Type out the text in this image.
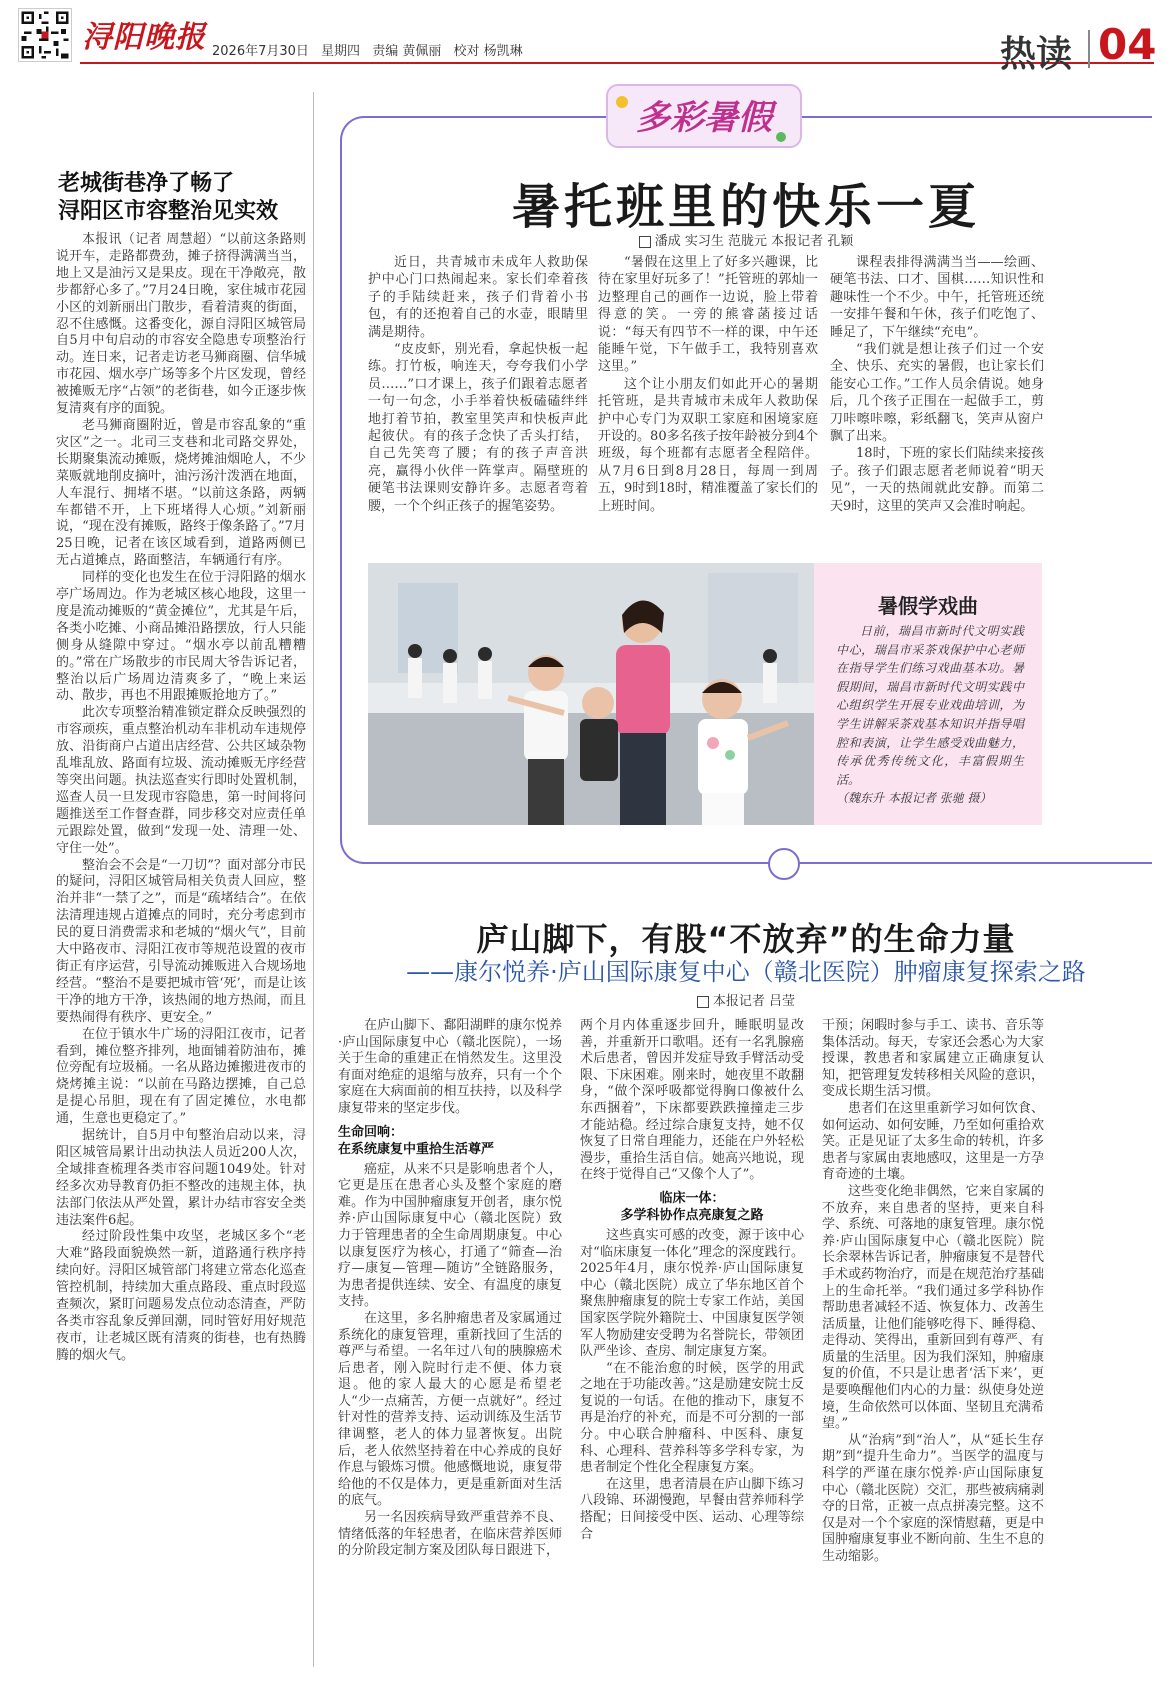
浔阳晚报 2026年7月30日 星期四 责编 黄佩丽 校对 杨凯琳	热读 04
老城街巷净了畅了
浔阳区市容整治见实效

本报讯（记者 周慧超）“以前这条路则说开车，走路都费劲，摊子挤得满满当当，地上又是油污又是果皮。现在干净敞亮，散步都舒心多了。”7月24日晚，家住城市花园小区的刘新丽出门散步，看着清爽的街面，忍不住感慨。这番变化，源自浔阳区城管局自5月中旬启动的市容安全隐患专项整治行动。连日来，记者走访老马狮商圈、信华城市花园、烟水亭广场等多个片区发现，曾经被摊贩无序“占领”的老街巷，如今正逐步恢复清爽有序的面貌。

老马狮商圈附近，曾是市容乱象的“重灾区”之一。北司三支巷和北司路交界处，长期聚集流动摊贩，烧烤摊油烟呛人，不少菜贩就地削皮摘叶，油污汤汁泼洒在地面，人车混行、拥堵不堪。“以前这条路，两辆车都错不开，上下班堵得人心烦。”刘新丽说，“现在没有摊贩，路终于像条路了。”7月25日晚，记者在该区域看到，道路两侧已无占道摊点，路面整洁，车辆通行有序。

同样的变化也发生在位于浔阳路的烟水亭广场周边。作为老城区核心地段，这里一度是流动摊贩的“黄金摊位”，尤其是午后，各类小吃摊、小商品摊沿路摆放，行人只能侧身从缝隙中穿过。“烟水亭以前乱糟糟的。”常在广场散步的市民周大爷告诉记者，整治以后广场周边清爽多了，“晚上来运动、散步，再也不用跟摊贩抢地方了。”

此次专项整治精准锁定群众反映强烈的市容顽疾，重点整治机动车非机动车违规停放、沿街商户占道出店经营、公共区域杂物乱堆乱放、路面有垃圾、流动摊贩无序经营等突出问题。执法巡查实行即时处置机制，巡查人员一旦发现市容隐患，第一时间将问题推送至工作督查群，同步移交对应责任单元跟踪处置，做到“发现一处、清理一处、守住一处”。

整治会不会是“一刀切”？面对部分市民的疑问，浔阳区城管局相关负责人回应，整治并非“一禁了之”，而是“疏堵结合”。在依法清理违规占道摊点的同时，充分考虑到市民的夏日消费需求和老城的“烟火气”，目前大中路夜市、浔阳江夜市等规范设置的夜市街正有序运营，引导流动摊贩进入合规场地经营。“整治不是要把城市管‘死’，而是让该干净的地方干净，该热闹的地方热闹，而且要热闹得有秩序、更安全。”

在位于镇水牛广场的浔阳江夜市，记者看到，摊位整齐排列，地面铺着防油布，摊位旁配有垃圾桶。一名从路边摊搬进夜市的烧烤摊主说：“以前在马路边摆摊，自己总是提心吊胆，现在有了固定摊位，水电都通，生意也更稳定了。”

据统计，自5月中旬整治启动以来，浔阳区城管局累计出动执法人员近200人次，全域排查梳理各类市容问题1049处。针对经多次劝导教育仍拒不整改的违规主体，执法部门依法从严处置，累计办结市容安全类违法案件6起。

经过阶段性集中攻坚，老城区多个“老大难”路段面貌焕然一新，道路通行秩序持续向好。浔阳区城管部门将建立常态化巡查管控机制，持续加大重点路段、重点时段巡查频次，紧盯问题易发点位动态清查，严防各类市容乱象反弹回潮，同时管好用好规范夜市，让老城区既有清爽的街巷，也有热腾腾的烟火气。

多彩暑假
暑托班里的快乐一夏
潘成 实习生 范胧元 本报记者 孔颖

近日，共青城市未成年人救助保护中心门口热闹起来。家长们牵着孩子的手陆续赶来，孩子们背着小书包，有的还抱着自己的水壶，眼睛里满是期待。

“皮皮虾，别光看，拿起快板一起练。打竹板，响连天，夸夸我们小学员……”口才课上，孩子们跟着志愿者一句一句念，小手举着快板磕磕绊绊地打着节拍，教室里笑声和快板声此起彼伏。有的孩子念快了舌头打结，自己先笑弯了腰；有的孩子声音洪亮，赢得小伙伴一阵掌声。隔壁班的硬笔书法课则安静许多。志愿者弯着腰，一个个纠正孩子的握笔姿势。

“暑假在这里上了好多兴趣课，比待在家里好玩多了！”托管班的郭灿一边整理自己的画作一边说，脸上带着得意的笑。一旁的熊睿菡接过话说：“每天有四节不一样的课，中午还能睡午觉，下午做手工，我特别喜欢这里。”

这个让小朋友们如此开心的暑期托管班，是共青城市未成年人救助保护中心专门为双职工家庭和困境家庭开设的。80多名孩子按年龄被分到4个班级，每个班都有志愿者全程陪伴。从7月6日到8月28日，每周一到周五，9时到18时，精准覆盖了家长们的上班时间。

课程表排得满满当当——绘画、硬笔书法、口才、国棋……知识性和趣味性一个不少。中午，托管班还统一安排午餐和午休，孩子们吃饱了、睡足了，下午继续“充电”。

“我们就是想让孩子们过一个安全、快乐、充实的暑假，也让家长们能安心工作。”工作人员余倩说。她身后，几个孩子正围在一起做手工，剪刀咔嚓咔嚓，彩纸翻飞，笑声从窗户飘了出来。

18时，下班的家长们陆续来接孩子。孩子们跟志愿者老师说着“明天见”，一天的热闹就此安静。而第二天9时，这里的笑声又会准时响起。

暑假学戏曲

日前，瑞昌市新时代文明实践中心，瑞昌市采茶戏保护中心老师在指导学生们练习戏曲基本功。暑假期间，瑞昌市新时代文明实践中心组织学生开展专业戏曲培训，为学生讲解采茶戏基本知识并指导唱腔和表演，让学生感受戏曲魅力，传承优秀传统文化，丰富假期生活。

（魏东升 本报记者 张驰 摄）
庐山脚下，有股“不放弃”的生命力量
——康尔悦养·庐山国际康复中心（赣北医院）肿瘤康复探索之路
本报记者 吕莹

在庐山脚下、鄱阳湖畔的康尔悦养·庐山国际康复中心（赣北医院），一场关于生命的重建正在悄然发生。这里没有面对绝症的退缩与放弃，只有一个个家庭在大病面前的相互扶持，以及科学康复带来的坚定步伐。

生命回响：
在系统康复中重拾生活尊严

癌症，从来不只是影响患者个人，它更是压在患者心头及整个家庭的磨难。作为中国肿瘤康复开创者，康尔悦养·庐山国际康复中心（赣北医院）致力于管理患者的全生命周期康复。中心以康复医疗为核心，打通了“筛查—治疗—康复—管理—随访”全链路服务，为患者提供连续、安全、有温度的康复支持。

在这里，多名肿瘤患者及家属通过系统化的康复管理，重新找回了生活的尊严与希望。一名年过八旬的胰腺癌术后患者，刚入院时行走不便、体力衰退。他的家人最大的心愿是希望老人“少一点痛苦，方便一点就好”。经过针对性的营养支持、运动训练及生活节律调整，老人的体力显著恢复。出院后，老人依然坚持着在中心养成的良好作息与锻炼习惯。他感慨地说，康复带给他的不仅是体力，更是重新面对生活的底气。

另一名因疾病导致严重营养不良、情绪低落的年轻患者，在临床营养医师的分阶段定制方案及团队每日跟进下，

两个月内体重逐步回升，睡眠明显改善，并重新开口歌唱。还有一名乳腺癌术后患者，曾因并发症导致手臂活动受限、下床困难。刚来时，她夜里不敢翻身，“做个深呼吸都觉得胸口像被什么东西捆着”，下床都要跌跌撞撞走三步才能站稳。经过综合康复支持，她不仅恢复了日常自理能力，还能在户外轻松漫步，重拾生活自信。她高兴地说，现在终于觉得自己“又像个人了”。

临床一体：
多学科协作点亮康复之路

这些真实可感的改变，源于该中心对“临床康复一体化”理念的深度践行。2025年4月，康尔悦养·庐山国际康复中心（赣北医院）成立了华东地区首个聚焦肿瘤康复的院士专家工作站，美国国家医学院外籍院士、中国康复医学领军人物励建安受聘为名誉院长，带领团队严坐诊、查房、制定康复方案。

“在不能治愈的时候，医学的用武之地在于功能改善。”这是励建安院士反复说的一句话。在他的推动下，康复不再是治疗的补充，而是不可分割的一部分。中心联合肿瘤科、中医科、康复科、心理科、营养科等多学科专家，为患者制定个性化全程康复方案。

在这里，患者清晨在庐山脚下练习八段锦、环湖慢跑，早餐由营养师科学搭配；日间接受中医、运动、心理等综合

干预；闲暇时参与手工、读书、音乐等集体活动。每天，专家还会悉心为大家授课，教患者和家属建立正确康复认知，把管理复发转移相关风险的意识，变成长期生活习惯。

患者们在这里重新学习如何饮食、如何运动、如何安睡，乃至如何重拾欢笑。正是见证了太多生命的转机，许多患者与家属由衷地感叹，这里是一方孕育奇迹的土壤。

这些变化绝非偶然，它来自家属的不放弃，来自患者的坚持，更来自科学、系统、可落地的康复管理。康尔悦养·庐山国际康复中心（赣北医院）院长余翠林告诉记者，肿瘤康复不是替代手术或药物治疗，而是在规范治疗基础上的生命托举。“我们通过多学科协作帮助患者减轻不适、恢复体力、改善生活质量，让他们能够吃得下、睡得稳、走得动、笑得出，重新回到有尊严、有质量的生活里。因为我们深知，肿瘤康复的价值，不只是让患者‘活下来’，更是要唤醒他们内心的力量：纵使身处逆境，生命依然可以体面、坚韧且充满希望。”

从“治病”到“治人”，从“延长生存期”到“提升生命力”。当医学的温度与科学的严谨在康尔悦养·庐山国际康复中心（赣北医院）交汇，那些被病痛剥夺的日常，正被一点点拼凑完整。这不仅是对一个个家庭的深情慰藉，更是中国肿瘤康复事业不断向前、生生不息的生动缩影。
